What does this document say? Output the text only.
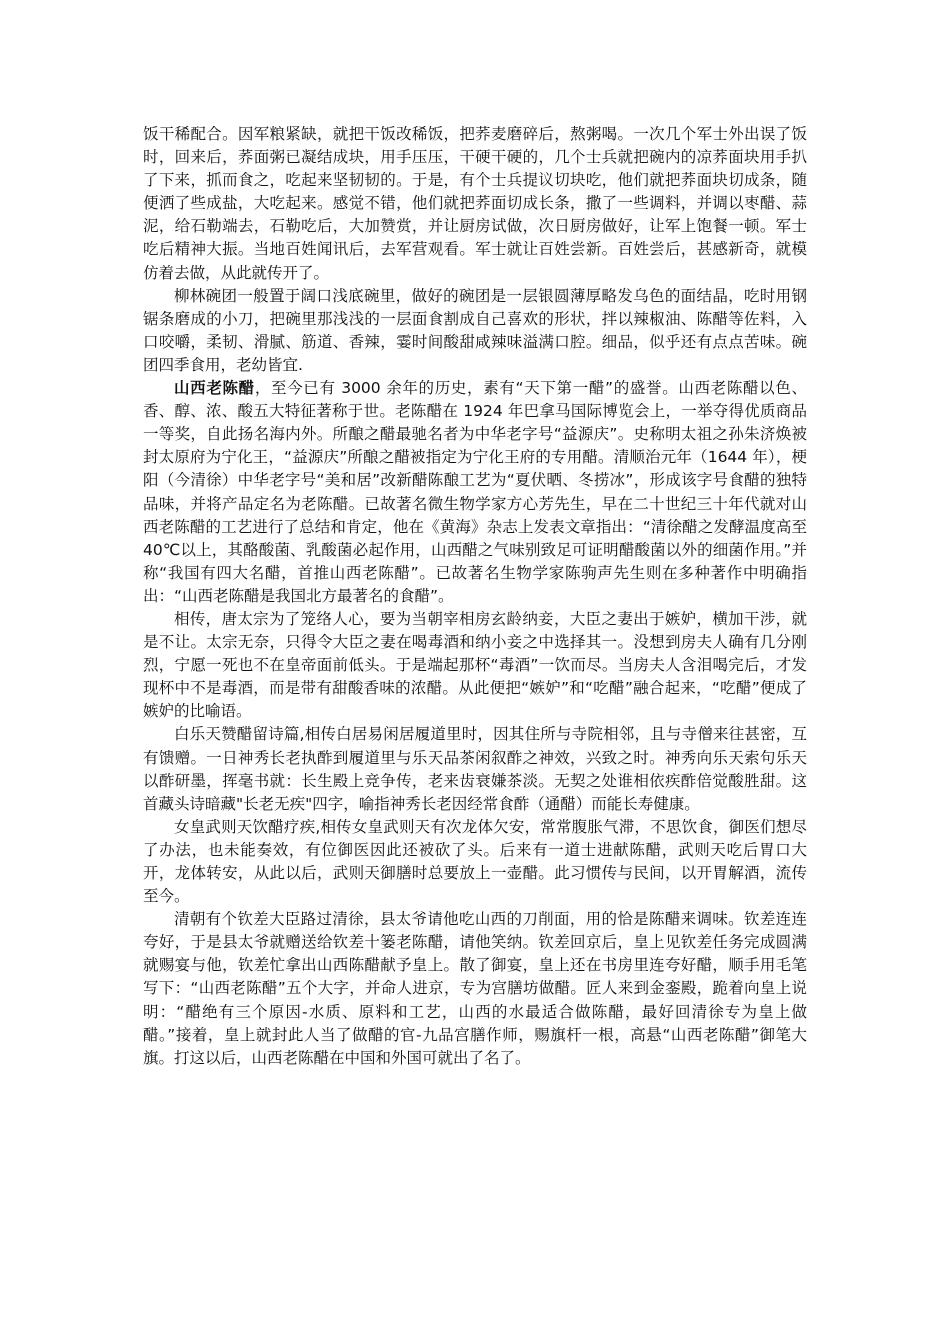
饭干稀配合。因军粮紧缺，就把干饭改稀饭，把荞麦磨碎后，熬粥喝。一次几个军士外出误了饭时，回来后，荞面粥已凝结成块，用手压压，干硬干硬的，几个士兵就把碗内的凉荞面块用手扒了下来，抓而食之，吃起来坚韧韧的。于是，有个士兵提议切块吃，他们就把荞面块切成条，随便洒了些成盐，大吃起来。感觉不错，他们就把荞面切成长条，撒了一些调料，并调以枣醋、蒜泥，给石勒端去，石勒吃后，大加赞赏，并让厨房试做，次日厨房做好，让军上饱餐一顿。军士吃后精神大振。当地百姓闻讯后，去军营观看。军士就让百姓尝新。百姓尝后，甚感新奇，就模仿着去做，从此就传开了。

柳林碗团一般置于阔口浅底碗里，做好的碗团是一层银圆薄厚略发乌色的面结晶，吃时用钢锯条磨成的小刀，把碗里那浅浅的一层面食割成自己喜欢的形状，拌以辣椒油、陈醋等佐料，入口咬嚼，柔韧、滑腻、筋道、香辣，霎时间酸甜咸辣味溢满口腔。细品，似乎还有点点苦味。碗团四季食用，老幼皆宜.

山西老陈醋，至今已有 3000 余年的历史，素有“天下第一醋”的盛誉。山西老陈醋以色、香、醇、浓、酸五大特征著称于世。老陈醋在 1924 年巴拿马国际博览会上，一举夺得优质商品一等奖，自此扬名海内外。所酿之醋最驰名者为中华老字号“益源庆”。史称明太祖之孙朱济焕被封太原府为宁化王，“益源庆”所酿之醋被指定为宁化王府的专用醋。清顺治元年（1644 年），梗阳（今清徐）中华老字号“美和居”改新醋陈酿工艺为“夏伏晒、冬捞冰”，形成该字号食醋的独特品味，并将产品定名为老陈醋。已故著名微生物学家方心芳先生，早在二十世纪三十年代就对山西老陈醋的工艺进行了总结和肯定，他在《黄海》杂志上发表文章指出：“清徐醋之发酵温度高至 40℃以上，其酪酸菌、乳酸菌必起作用，山西醋之气味别致足可证明醋酸菌以外的细菌作用。”并称“我国有四大名醋，首推山西老陈醋”。已故著名生物学家陈驹声先生则在多种著作中明确指出：“山西老陈醋是我国北方最著名的食醋”。

相传，唐太宗为了笼络人心，要为当朝宰相房玄龄纳妾，大臣之妻出于嫉妒，横加干涉，就是不让。太宗无奈，只得令大臣之妻在喝毒酒和纳小妾之中选择其一。没想到房夫人确有几分刚烈，宁愿一死也不在皇帝面前低头。于是端起那杯“毒酒”一饮而尽。当房夫人含泪喝完后，才发现杯中不是毒酒，而是带有甜酸香味的浓醋。从此便把“嫉妒”和“吃醋”融合起来，“吃醋”便成了嫉妒的比喻语。

白乐天赞醋留诗篇,相传白居易闲居履道里时，因其住所与寺院相邻，且与寺僧来往甚密，互有馈赠。一日神秀长老执酢到履道里与乐天品茶闲叙酢之神效，兴致之时。神秀向乐天索句乐天以酢研墨，挥毫书就：长生殿上竞争传，老来齿衰嫌茶淡。无契之处谁相依疾酢倍觉酸胜甜。这首藏头诗暗藏"长老无疾"四字，喻指神秀长老因经常食酢（通醋）而能长寿健康。

女皇武则天饮醋疗疾,相传女皇武则天有次龙体欠安，常常腹胀气滞，不思饮食，御医们想尽了办法，也未能奏效，有位御医因此还被砍了头。后来有一道士进献陈醋，武则天吃后胃口大开，龙体转安，从此以后，武则天御膳时总要放上一壶醋。此习惯传与民间，以开胃解酒，流传至今。

清朝有个钦差大臣路过清徐，县太爷请他吃山西的刀削面，用的恰是陈醋来调味。钦差连连夸好，于是县太爷就赠送给钦差十篓老陈醋，请他笑纳。钦差回京后，皇上见钦差任务完成圆满就赐宴与他，钦差忙拿出山西陈醋献予皇上。散了御宴，皇上还在书房里连夸好醋，顺手用毛笔写下：“山西老陈醋”五个大字，并命人进京，专为宫膳坊做醋。匠人来到金銮殿，跪着向皇上说明：“醋绝有三个原因-水质、原料和工艺，山西的水最适合做陈醋，最好回清徐专为皇上做醋。”接着，皇上就封此人当了做醋的官-九品宫膳作师，赐旗杆一根，高悬“山西老陈醋”御笔大旗。打这以后，山西老陈醋在中国和外国可就出了名了。
